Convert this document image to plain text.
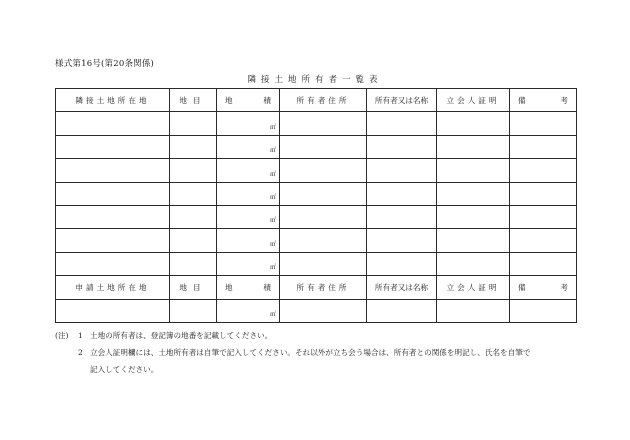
様式第16号(第20条関係)
隣接土地所有者一覧表
隣接土地所在地	地目	地 積	所有者住所	所有者又は名称	立会人証明	備 考

		㎡				
		㎡				
		㎡				
		㎡				
		㎡				
		㎡				
		㎡				
申請土地所在地	地目	地 積	所有者住所	所有者又は名称	立会人証明	備 考

		㎡				
(注) 1 土地の所有者は、登記簿の地番を記載してください。
2 立会人証明欄には、土地所有者は自筆で記入してください。それ以外が立ち会う場合は、所有者との関係を明記し、氏名を自筆で
記入してください。
